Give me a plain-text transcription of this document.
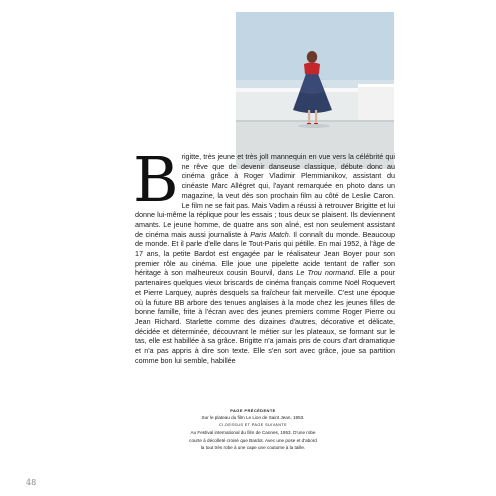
Brigitte, très jeune et très jolI mannequin en vue vers la célébrité qui ne rêve que de devenir danseuse classique, débute donc au cinéma grâce à Roger Vladimir Plemmianikov, assistant du cinéaste Marc Allégret qui, l'ayant remarquée en photo dans un magazine, la veut dès son prochain film au côté de Leslie Caron. Le film ne se fait pas. Mais Vadim a réussi à retrouver Brigitte et lui donne lui-même la réplique pour les essais ; tous deux se plaisent. Ils deviennent amants. Le jeune homme, de quatre ans son aîné, est non seulement assistant de cinéma mais aussi journaliste à Paris Match. Il connaît du monde. Beaucoup de monde. Et il parle d'elle dans le Tout-Paris qui pétille. En mai 1952, à l'âge de 17 ans, la petite Bardot est engagée par le réalisateur Jean Boyer pour son premier rôle au cinéma. Elle joue une pipelette acide tentant de rafler son héritage à son malheureux cousin Bourvil, dans Le Trou normand. Elle a pour partenaires quelques vieux briscards de cinéma français comme Noël Roquevert et Pierre Larquey, auprès desquels sa fraîcheur fait merveille. C'est une époque où la future BB arbore des tenues anglaises à la mode chez les jeunes filles de bonne famille, frite à l'écran avec des jeunes premiers comme Roger Pierre ou Jean Richard. Starlette comme des dizaines d'autres, décorative et délicate, décidée et déterminée, découvrant le métier sur les plateaux, se formant sur le tas, elle est habillée à sa grâce. Brigitte n'a jamais pris de cours d'art dramatique et n'a pas appris à dire son texte. Elle s'en sort avec grâce, joue sa partition comme bon lui semble, habillée

PAGE PRÉCÉDENTE
Sur le plateau du film Le Lion de Saint Jean, 1953.
CI-DESSUS ET PAGE SUIVANTE
Au Festival international du film de Cannes, 1953. D'une robe
courte à décolleté croisé que Bardot. Avec une pose et d'abord
la tout très robe à une cape une coutume à la taille.
48
